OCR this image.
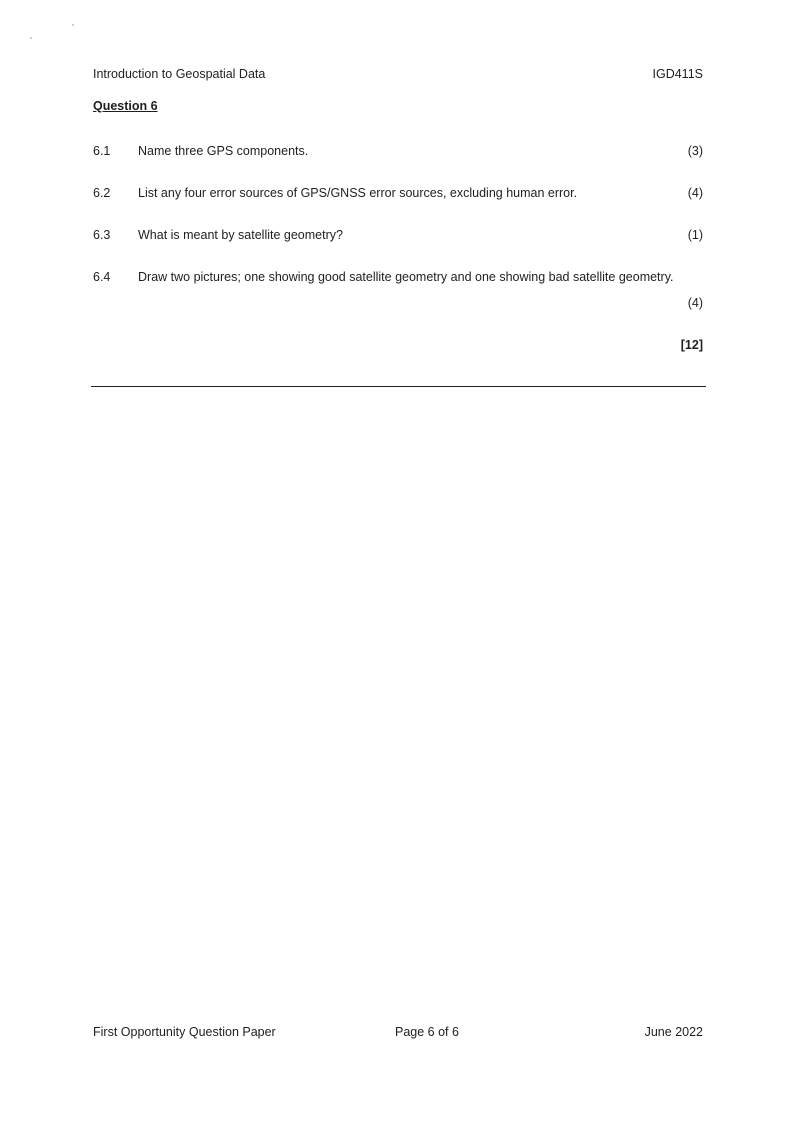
Introduction to Geospatial Data	IGD411S
Question 6
6.1 Name three GPS components.	(3)
6.2 List any four error sources of GPS/GNSS error sources, excluding human error.	(4)
6.3 What is meant by satellite geometry?	(1)
6.4 Draw two pictures; one showing good satellite geometry and one showing bad satellite geometry.
(4)
[12]
First Opportunity Question Paper	Page 6 of 6	June 2022
